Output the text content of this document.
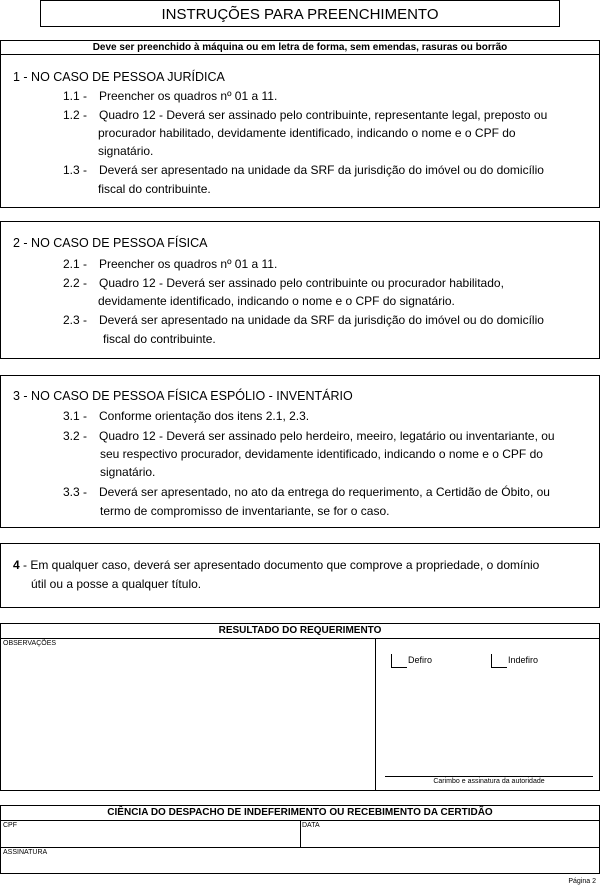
INSTRUÇÕES PARA PREENCHIMENTO
Deve ser preenchido à máquina ou em letra de forma, sem emendas, rasuras ou borrão
1 - NO CASO DE PESSOA JURÍDICA
1.1 - Preencher os quadros nº 01 a 11.
1.2 - Quadro 12 - Deverá ser assinado pelo contribuinte, representante legal, preposto ou
procurador habilitado, devidamente identificado, indicando o nome e o CPF do
signatário.
1.3 - Deverá ser apresentado na unidade da SRF da jurisdição do imóvel ou do domicílio
fiscal do contribuinte.
2 - NO CASO DE PESSOA FÍSICA
2.1 - Preencher os quadros nº 01 a 11.
2.2 - Quadro 12 - Deverá ser assinado pelo contribuinte ou procurador habilitado,
devidamente identificado, indicando o nome e o CPF do signatário.
2.3 - Deverá ser apresentado na unidade da SRF da jurisdição do imóvel ou do domicílio
fiscal do contribuinte.
3 - NO CASO DE PESSOA FÍSICA ESPÓLIO - INVENTÁRIO
3.1 - Conforme orientação dos itens 2.1, 2.3.
3.2 - Quadro 12 - Deverá ser assinado pelo herdeiro, meeiro, legatário ou inventariante, ou
seu respectivo procurador, devidamente identificado, indicando o nome e o CPF do
signatário.
3.3 - Deverá ser apresentado, no ato da entrega do requerimento, a Certidão de Óbito, ou
termo de compromisso de inventariante, se for o caso.
4 - Em qualquer caso, deverá ser apresentado documento que comprove a propriedade, o domínio
útil ou a posse a qualquer título.
RESULTADO DO REQUERIMENTO
OBSERVAÇÕES
Defiro	Indefiro
Carimbo e assinatura da autoridade
CIÊNCIA DO DESPACHO DE INDEFERIMENTO OU RECEBIMENTO DA CERTIDÃO
CPF	DATA
ASSINATURA
Página 2
